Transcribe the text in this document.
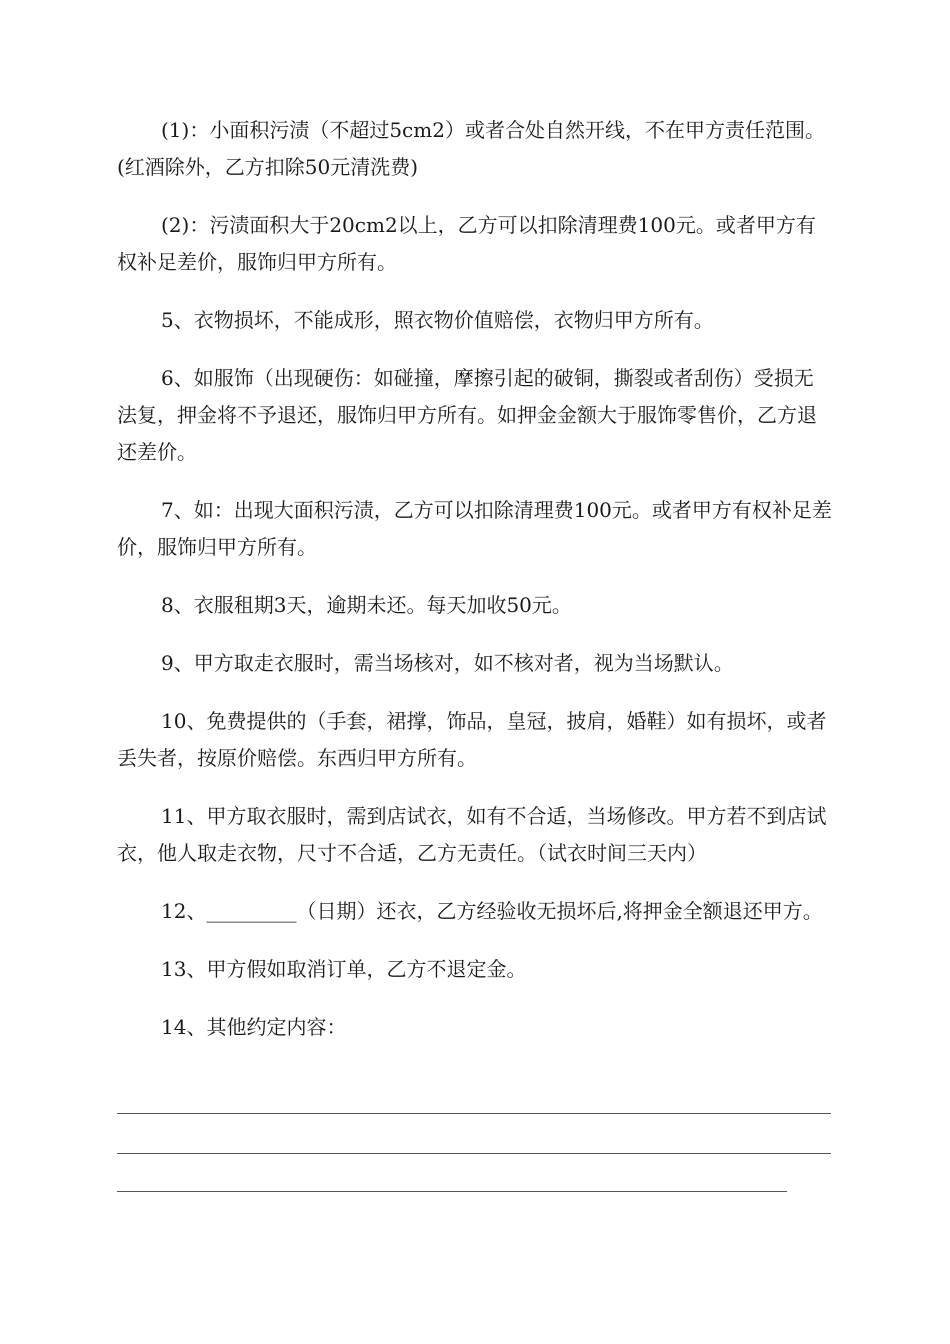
(1)：小面积污渍（不超过5cm2）或者合处自然开线，不在甲方责任范围。(红酒除外，乙方扣除50元清洗费)

(2)：污渍面积大于20cm2以上，乙方可以扣除清理费100元。或者甲方有权补足差价，服饰归甲方所有。

5、衣物损坏，不能成形，照衣物价值赔偿，衣物归甲方所有。

6、如服饰（出现硬伤：如碰撞，摩擦引起的破铜，撕裂或者刮伤）受损无法复，押金将不予退还，服饰归甲方所有。如押金金额大于服饰零售价，乙方退还差价。

7、如：出现大面积污渍，乙方可以扣除清理费100元。或者甲方有权补足差价，服饰归甲方所有。

8、衣服租期3天，逾期未还。每天加收50元。

9、甲方取走衣服时，需当场核对，如不核对者，视为当场默认。

10、免费提供的（手套，裙撑，饰品，皇冠，披肩，婚鞋）如有损坏，或者丢失者，按原价赔偿。东西归甲方所有。

11、甲方取衣服时，需到店试衣，如有不合适，当场修改。甲方若不到店试衣，他人取走衣物，尺寸不合适，乙方无责任。（试衣时间三天内）

12、_________（日期）还衣，乙方经验收无损坏后,将押金全额退还甲方。

13、甲方假如取消订单，乙方不退定金。

14、其他约定内容：
